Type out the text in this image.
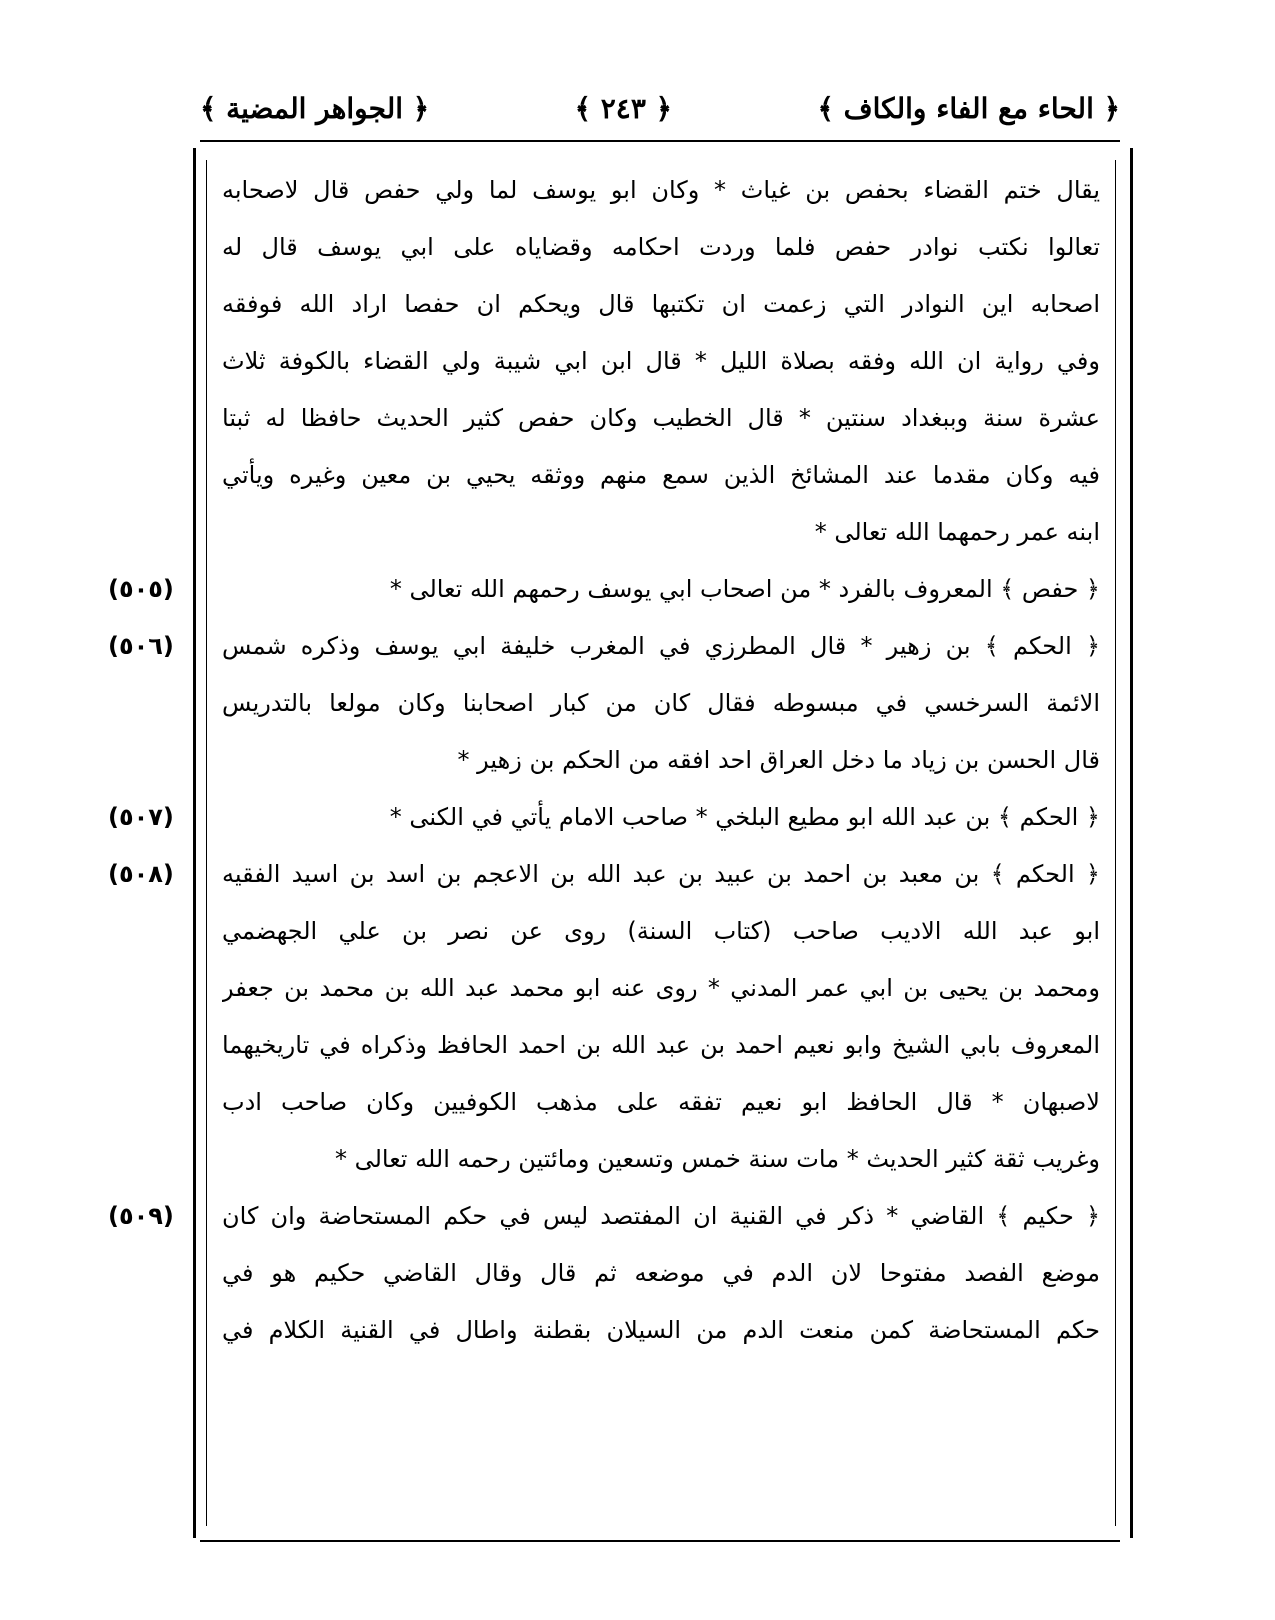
﴿ الحاء مع الفاء والكاف ﴾
﴿ ٢٤٣ ﴾
﴿ الجواهر المضية ﴾
يقال ختم القضاء بحفص بن غياث * وكان ابو يوسف لما ولي حفص قال لاصحابه
تعالوا نكتب نوادر حفص فلما وردت احكامه وقضاياه على ابي يوسف قال له
اصحابه اين النوادر التي زعمت ان تكتبها قال ويحكم ان حفصا اراد الله فوفقه
وفي رواية ان الله وفقه بصلاة الليل * قال ابن ابي شيبة ولي القضاء بالكوفة ثلاث
عشرة سنة وببغداد سنتين * قال الخطيب وكان حفص كثير الحديث حافظا له ثبتا
فيه وكان مقدما عند المشائخ الذين سمع منهم ووثقه يحيي بن معين وغيره ويأتي
ابنه عمر رحمهما الله تعالى *
﴿ حفص ﴾ المعروف بالفرد * من اصحاب ابي يوسف رحمهم الله تعالى *
﴿ الحكم ﴾ بن زهير * قال المطرزي في المغرب خليفة ابي يوسف وذكره شمس
الائمة السرخسي في مبسوطه فقال كان من كبار اصحابنا وكان مولعا بالتدريس
قال الحسن بن زياد ما دخل العراق احد افقه من الحكم بن زهير *
﴿ الحكم ﴾ بن عبد الله ابو مطيع البلخي * صاحب الامام يأتي في الكنى *
﴿ الحكم ﴾ بن معبد بن احمد بن عبيد بن عبد الله بن الاعجم بن اسد بن اسيد الفقيه
ابو عبد الله الاديب صاحب (كتاب السنة) روى عن نصر بن علي الجهضمي
ومحمد بن يحيى بن ابي عمر المدني * روى عنه ابو محمد عبد الله بن محمد بن جعفر
المعروف بابي الشيخ وابو نعيم احمد بن عبد الله بن احمد الحافظ وذكراه في تاريخيهما
لاصبهان * قال الحافظ ابو نعيم تفقه على مذهب الكوفيين وكان صاحب ادب
وغريب ثقة كثير الحديث * مات سنة خمس وتسعين ومائتين رحمه الله تعالى *
﴿ حكيم ﴾ القاضي * ذكر في القنية ان المفتصد ليس في حكم المستحاضة وان كان
موضع الفصد مفتوحا لان الدم في موضعه ثم قال وقال القاضي حكيم هو في
حكم المستحاضة كمن منعت الدم من السيلان بقطنة واطال في القنية الكلام في
(٥٠٥)
(٥٠٦)
(٥٠٧)
(٥٠٨)
(٥٠٩)
